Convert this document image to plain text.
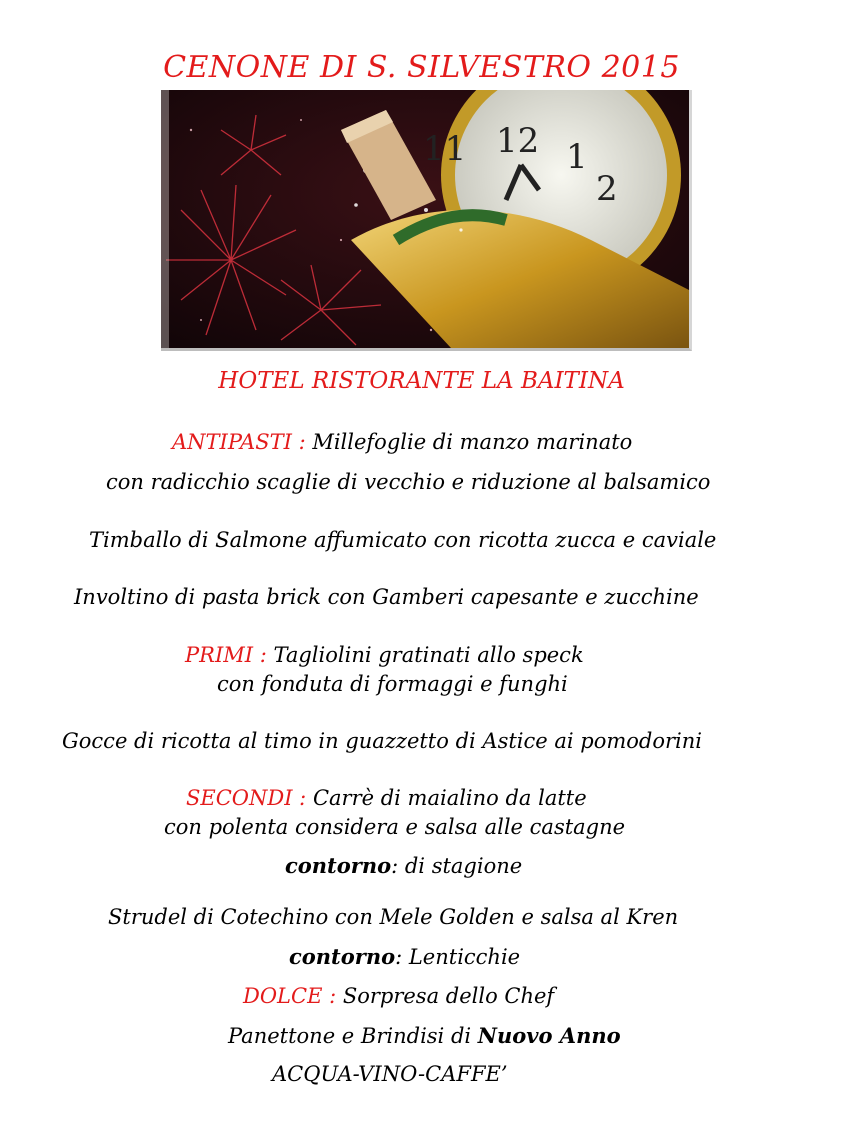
CENONE DI S. SILVESTRO 2015
11 12 1
2
HOTEL RISTORANTE LA BAITINA
ANTIPASTI : Millefoglie di manzo marinato
con radicchio scaglie di vecchio e riduzione al balsamico
Timballo di Salmone affumicato con ricotta zucca e caviale
Involtino di pasta brick con Gamberi capesante e zucchine
PRIMI : Tagliolini gratinati allo speck
con fonduta di formaggi e funghi
Gocce di ricotta al timo in guazzetto di Astice ai pomodorini
SECONDI : Carrè di maialino da latte
con polenta considera e salsa alle castagne
contorno: di stagione
Strudel di Cotechino con Mele Golden e salsa al Kren
contorno: Lenticchie
DOLCE : Sorpresa dello Chef
Panettone e Brindisi di Nuovo Anno
ACQUA-VINO-CAFFE’
